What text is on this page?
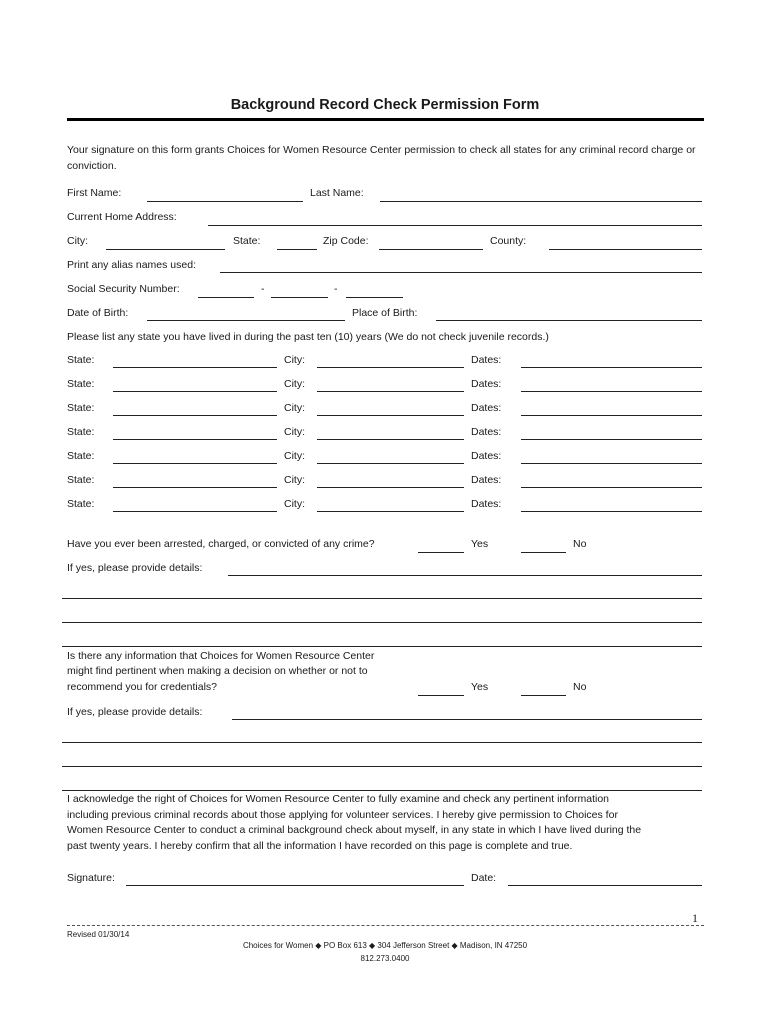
Background Record Check Permission Form
Your signature on this form grants Choices for Women Resource Center permission to check all states for any criminal record charge or conviction.
First Name:	Last Name:
Current Home Address:
City:	State:	Zip Code:	County:
Print any alias names used:
Social Security Number:	-	-
Date of Birth:	Place of Birth:
Please list any state you have lived in during the past ten (10) years (We do not check juvenile records.)
State:	City:	Dates:
State:	City:	Dates:
State:	City:	Dates:
State:	City:	Dates:
State:	City:	Dates:
State:	City:	Dates:
State:	City:	Dates:
Have you ever been arrested, charged, or convicted of any crime?	Yes	No
If yes, please provide details:
Is there any information that Choices for Women Resource Center
might find pertinent when making a decision on whether or not to
recommend you for credentials?	Yes	No
If yes, please provide details:
I acknowledge the right of Choices for Women Resource Center to fully examine and check any pertinent information
including previous criminal records about those applying for volunteer services. I hereby give permission to Choices for
Women Resource Center to conduct a criminal background check about myself, in any state in which I have lived during the
past twenty years. I hereby confirm that all the information I have recorded on this page is complete and true.
Signature:	Date:
1
Revised 01/30/14
Choices for Women ◆ PO Box 613 ◆ 304 Jefferson Street ◆ Madison, IN 47250
812.273.0400
